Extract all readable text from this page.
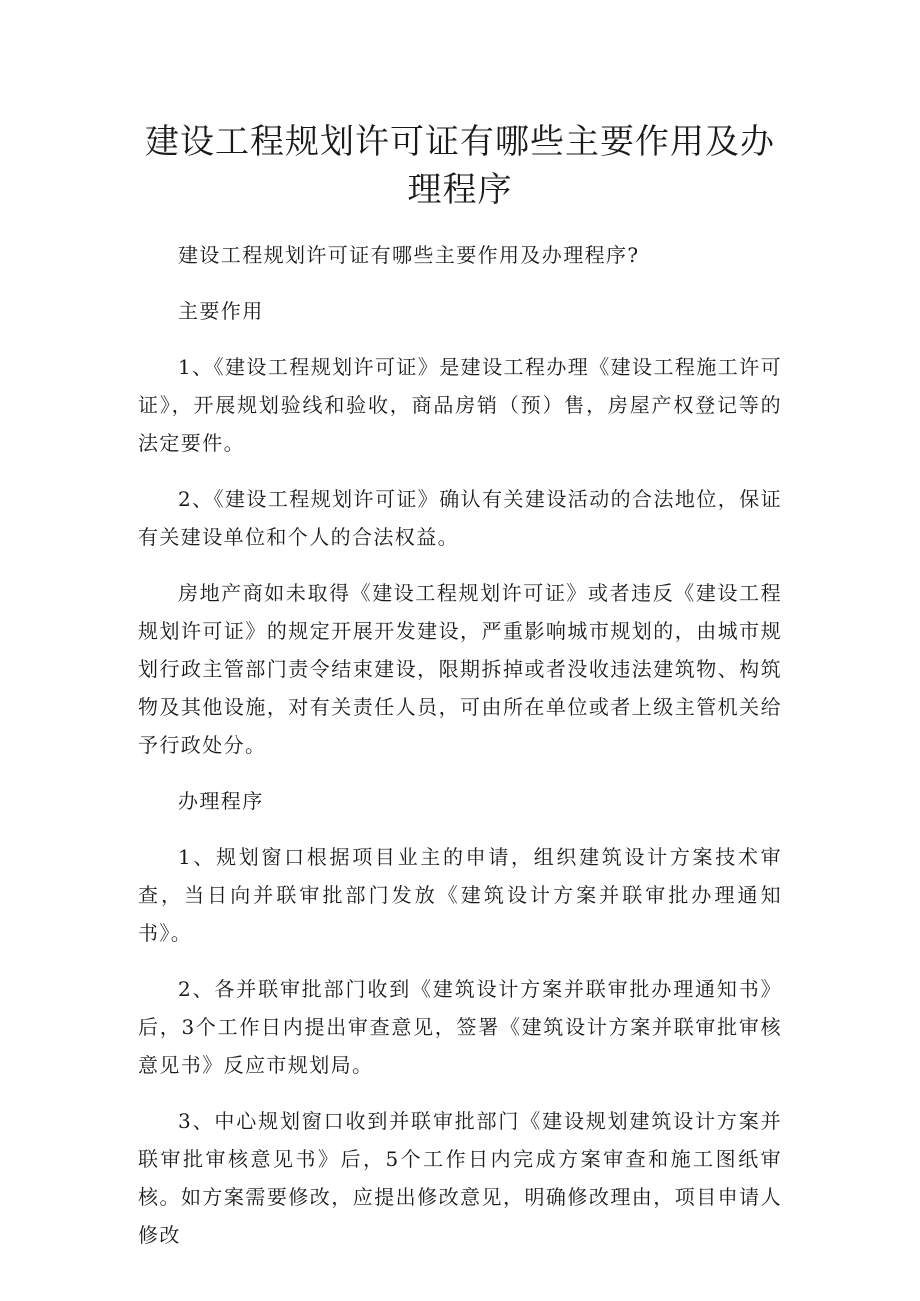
建设工程规划许可证有哪些主要作用及办理程序

建设工程规划许可证有哪些主要作用及办理程序?

主要作用

1、《建设工程规划许可证》是建设工程办理《建设工程施工许可证》，开展规划验线和验收，商品房销（预）售，房屋产权登记等的法定要件。

2、《建设工程规划许可证》确认有关建设活动的合法地位，保证有关建设单位和个人的合法权益。

房地产商如未取得《建设工程规划许可证》或者违反《建设工程规划许可证》的规定开展开发建设，严重影响城市规划的，由城市规划行政主管部门责令结束建设，限期拆掉或者没收违法建筑物、构筑物及其他设施，对有关责任人员，可由所在单位或者上级主管机关给予行政处分。

办理程序

1、规划窗口根据项目业主的申请，组织建筑设计方案技术审查，当日向并联审批部门发放《建筑设计方案并联审批办理通知书》。

2、各并联审批部门收到《建筑设计方案并联审批办理通知书》后，3个工作日内提出审查意见，签署《建筑设计方案并联审批审核意见书》反应市规划局。

3、中心规划窗口收到并联审批部门《建设规划建筑设计方案并联审批审核意见书》后，5个工作日内完成方案审查和施工图纸审核。如方案需要修改，应提出修改意见，明确修改理由，项目申请人修改
